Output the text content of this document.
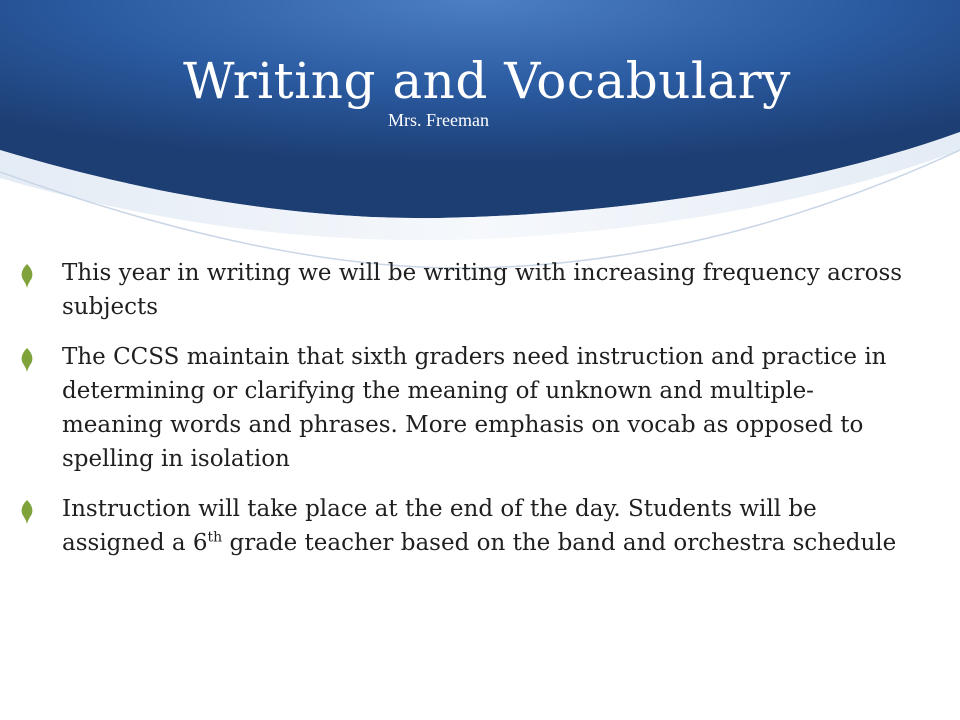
Writing and Vocabulary
Mrs. Freeman
This year in writing we will be writing with increasing frequency across subjects
The CCSS maintain that sixth graders need instruction and practice in determining or clarifying the meaning of unknown and multiple-meaning words and phrases. More emphasis on vocab as opposed to spelling in isolation
Instruction will take place at the end of the day. Students will be assigned a 6th grade teacher based on the band and orchestra schedule
